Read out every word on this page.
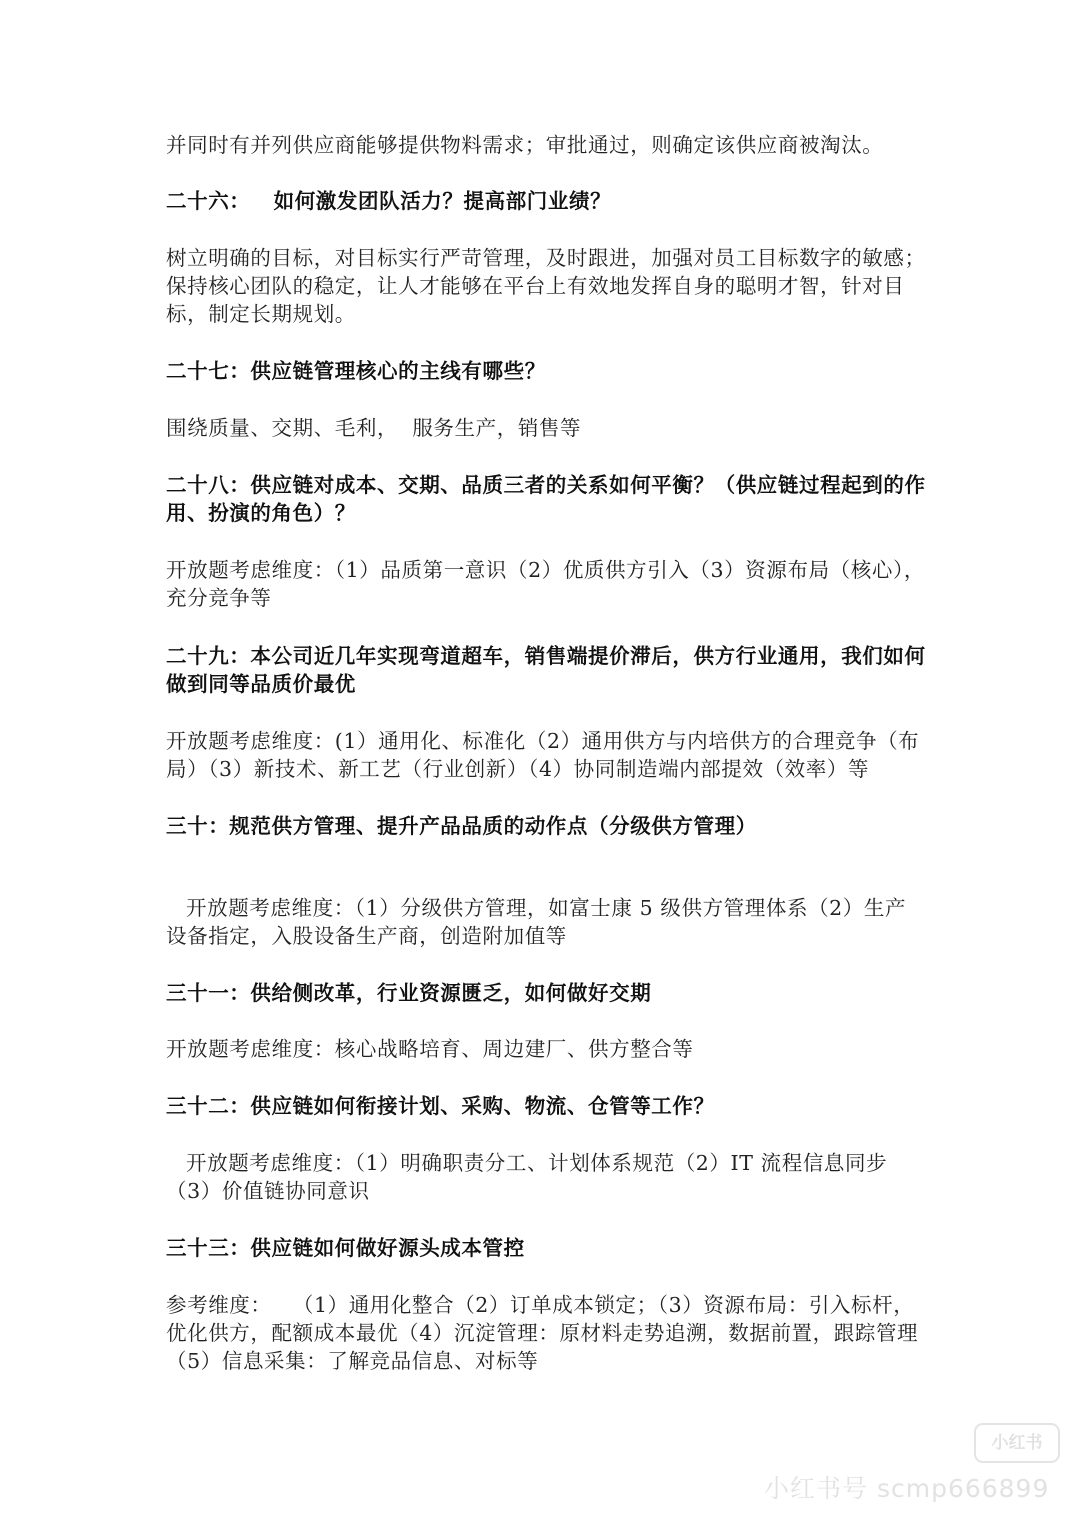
并同时有并列供应商能够提供物料需求；审批通过，则确定该供应商被淘汰。

二十六：   如何激发团队活力？提高部门业绩？

树立明确的目标，对目标实行严苛管理，及时跟进，加强对员工目标数字的敏感；保持核心团队的稳定，让人才能够在平台上有效地发挥自身的聪明才智，针对目标，制定长期规划。

二十七：供应链管理核心的主线有哪些？

围绕质量、交期、毛利，  服务生产，销售等

二十八：供应链对成本、交期、品质三者的关系如何平衡？（供应链过程起到的作用、扮演的角色）？

开放题考虑维度：（1）品质第一意识（2）优质供方引入（3）资源布局（核心），充分竞争等

二十九：本公司近几年实现弯道超车，销售端提价滞后，供方行业通用，我们如何做到同等品质价最优

开放题考虑维度：(1）通用化、标准化（2）通用供方与内培供方的合理竞争（布局）（3）新技术、新工艺（行业创新）（4）协同制造端内部提效（效率）等

三十：规范供方管理、提升产品品质的动作点（分级供方管理）

开放题考虑维度：（1）分级供方管理，如富士康 5 级供方管理体系（2）生产设备指定，入股设备生产商，创造附加值等

三十一：供给侧改革，行业资源匮乏，如何做好交期

开放题考虑维度：核心战略培育、周边建厂、供方整合等

三十二：供应链如何衔接计划、采购、物流、仓管等工作？

开放题考虑维度：（1）明确职责分工、计划体系规范（2）IT 流程信息同步（3）价值链协同意识

三十三：供应链如何做好源头成本管控

参考维度：   （1）通用化整合（2）订单成本锁定；（3）资源布局：引入标杆，优化供方，配额成本最优（4）沉淀管理：原材料走势追溯，数据前置，跟踪管理（5）信息采集：了解竞品信息、对标等

小红书
小红书号 scmp666899
